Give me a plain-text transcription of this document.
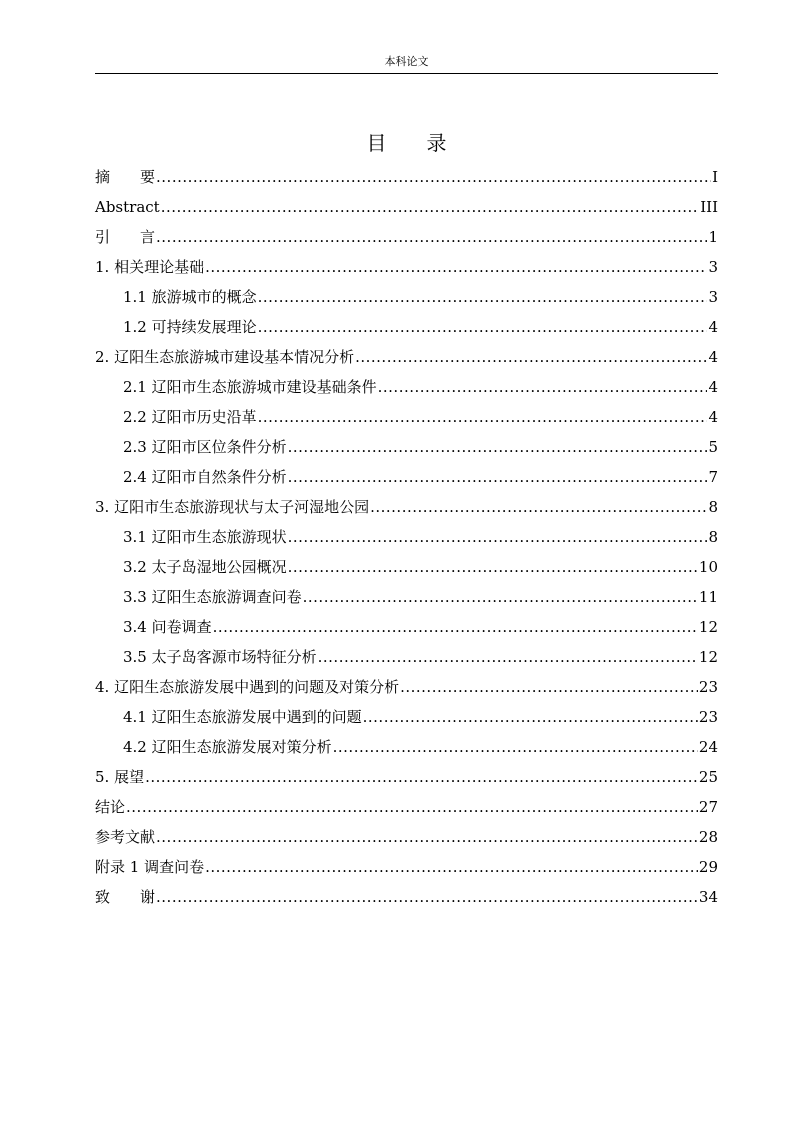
本科论文
目 录
摘　　要 .....	I
Abstract .....	III
引　　言 .....	1
1. 相关理论基础 .....	3
1.1 旅游城市的概念 .....	3
1.2 可持续发展理论 .....	4
2. 辽阳生态旅游城市建设基本情况分析 .....	4
2.1 辽阳市生态旅游城市建设基础条件 .....	4
2.2 辽阳市历史沿革 .....	4
2.3 辽阳市区位条件分析 .....	5
2.4 辽阳市自然条件分析 .....	7
3. 辽阳市生态旅游现状与太子河湿地公园 .....	8
3.1 辽阳市生态旅游现状 .....	8
3.2 太子岛湿地公园概况 .....	10
3.3 辽阳生态旅游调查问卷 .....	11
3.4 问卷调查 .....	12
3.5 太子岛客源市场特征分析 .....	12
4. 辽阳生态旅游发展中遇到的问题及对策分析 .....	23
4.1 辽阳生态旅游发展中遇到的问题 .....	23
4.2 辽阳生态旅游发展对策分析 .....	24
5. 展望 .....	25
结论 .....	27
参考文献 .....	28
附录 1 调查问卷 .....	29
致　　谢 .....	34
